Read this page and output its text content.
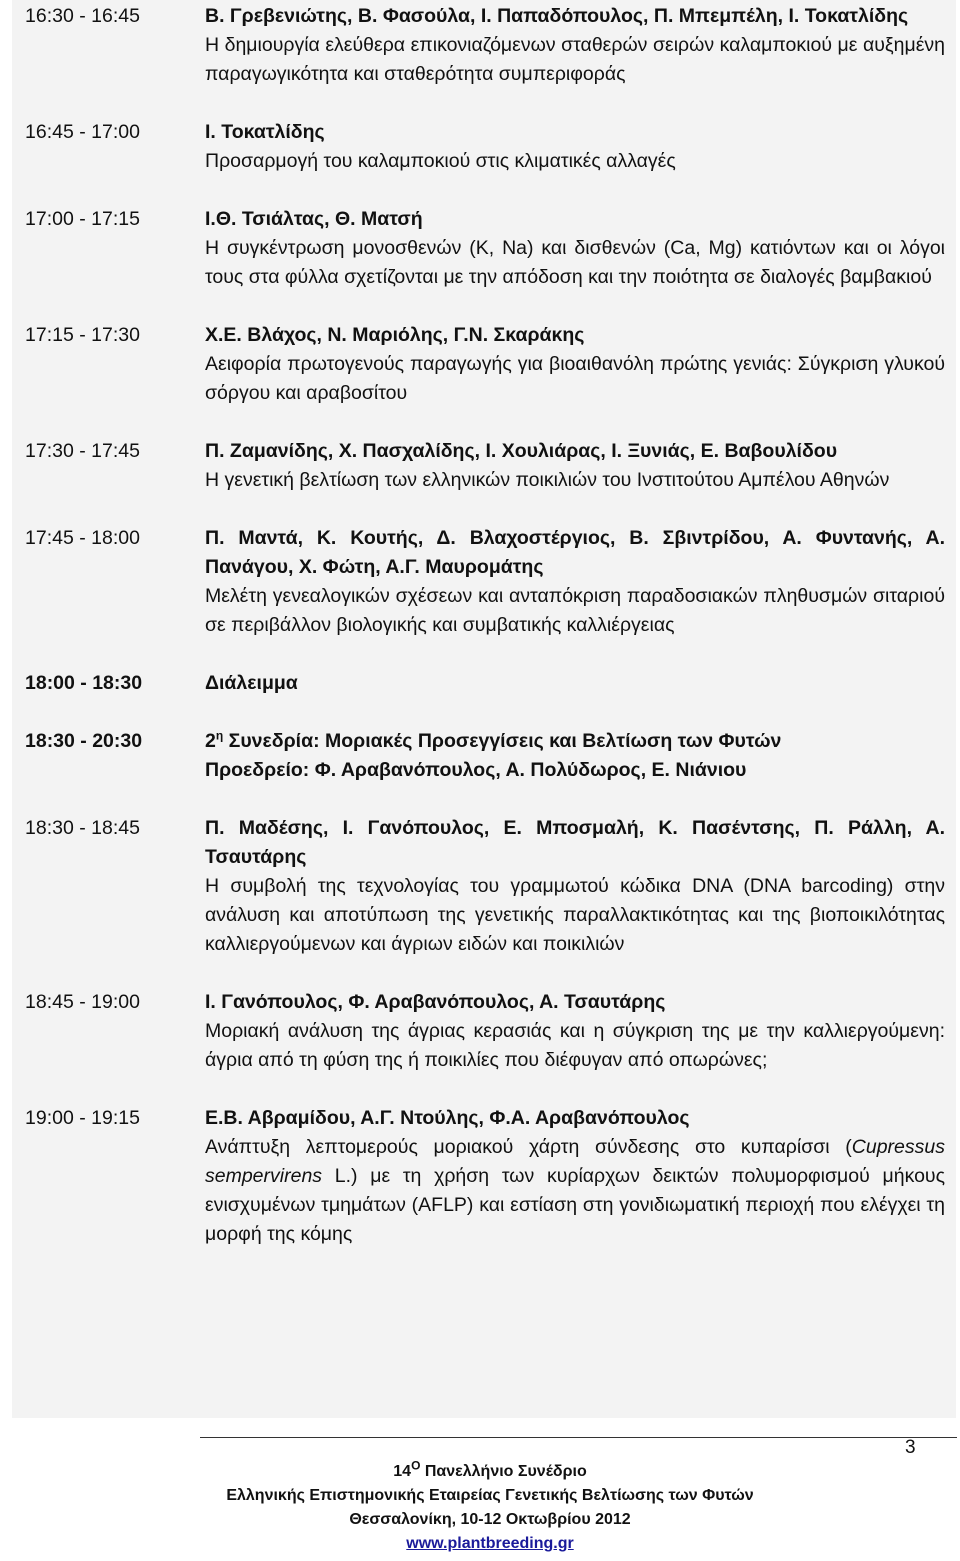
16:30 - 16:45	Β. Γρεβενιώτης, Β. Φασούλα, Ι. Παπαδόπουλος, Π. Μπεμπέλη, Ι. Τοκατλίδης
Η δημιουργία ελεύθερα επικονιαζόμενων σταθερών σειρών καλαμποκιού με αυξημένη παραγωγικότητα και σταθερότητα συμπεριφοράς
16:45 - 17:00	Ι. Τοκατλίδης
Προσαρμογή του καλαμποκιού στις κλιματικές αλλαγές
17:00 - 17:15	Ι.Θ. Τσιάλτας, Θ. Ματσή
Η συγκέντρωση μονοσθενών (K, Na) και δισθενών (Ca, Mg) κατιόντων και οι λόγοι τους στα φύλλα σχετίζονται με την απόδοση και την ποιότητα σε διαλογές βαμβακιού
17:15 - 17:30	Χ.Ε. Βλάχος, Ν. Μαριόλης, Γ.Ν. Σκαράκης
Αειφορία πρωτογενούς παραγωγής για βιοαιθανόλη πρώτης γενιάς: Σύγκριση γλυκού σόργου και αραβοσίτου
17:30 - 17:45	Π. Ζαμανίδης, Χ. Πασχαλίδης, Ι. Χουλιάρας, Ι. Ξυνιάς, Ε. Βαβουλίδου
Η γενετική βελτίωση των ελληνικών ποικιλιών του Ινστιτούτου Αμπέλου Αθηνών
17:45 - 18:00	Π. Μαντά, Κ. Κουτής, Δ. Βλαχοστέργιος, Β. Σβιντρίδου, Α. Φυντανής, Α. Πανάγου, Χ. Φώτη, Α.Γ. Μαυρομάτης
Μελέτη γενεαλογικών σχέσεων και ανταπόκριση παραδοσιακών πληθυσμών σιταριού σε περιβάλλον βιολογικής και συμβατικής καλλιέργειας
18:00 - 18:30	Διάλειμμα
18:30 - 20:30	$2^\eta$ Συνεδρία: Μοριακές Προσεγγίσεις και Βελτίωση των Φυτών
Προεδρείο: Φ. Αραβανόπουλος, Α. Πολύδωρος, Ε. Νιάνιου
18:30 - 18:45	Π. Μαδέσης, Ι. Γανόπουλος, Ε. Μποσμαλή, Κ. Πασέντσης, Π. Ράλλη, Α. Τσαυτάρης
Η συμβολή της τεχνολογίας του γραμμωτού κώδικα DNA (DNA barcoding) στην ανάλυση και αποτύπωση της γενετικής παραλλακτικότητας και της βιοποικιλότητας καλλιεργούμενων και άγριων ειδών και ποικιλιών
18:45 - 19:00	Ι. Γανόπουλος, Φ. Αραβανόπουλος, Α. Τσαυτάρης
Μοριακή ανάλυση της άγριας κερασιάς και η σύγκριση της με την καλλιεργούμενη: άγρια από τη φύση της ή ποικιλίες που διέφυγαν από οπωρώνες;
19:00 - 19:15	Ε.Β. Αβραμίδου, Α.Γ. Ντούλης, Φ.Α. Αραβανόπουλος
Ανάπτυξη λεπτομερούς μοριακού χάρτη σύνδεσης στο κυπαρίσσι (Cupressus sempervirens L.) με τη χρήση των κυρίαρχων δεικτών πολυμορφισμού μήκους ενισχυμένων τμημάτων (AFLP) και εστίαση στη γονιδιωματική περιοχή που ελέγχει τη μορφή της κόμης
3
$14^O$ Πανελλήνιο Συνέδριο
Ελληνικής Επιστημονικής Εταιρείας Γενετικής Βελτίωσης των Φυτών
Θεσσαλονίκη, 10-12 Οκτωβρίου 2012
www.plantbreeding.gr
